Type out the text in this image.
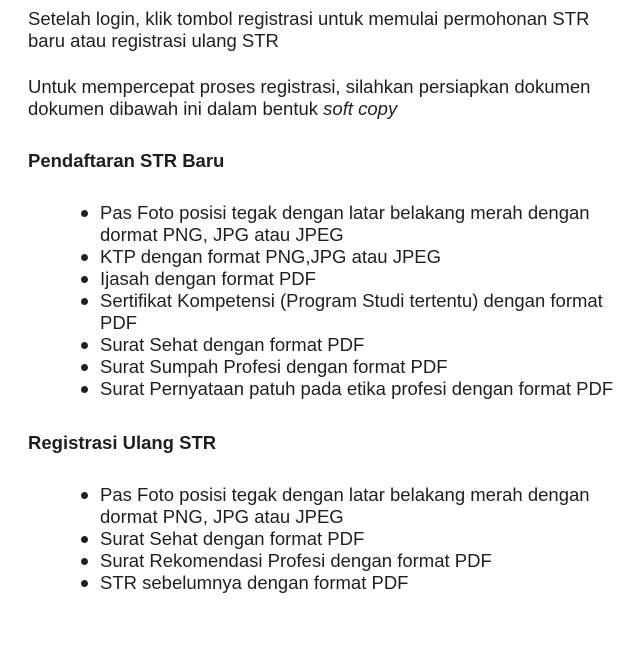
Setelah login, klik tombol registrasi untuk memulai permohonan STR baru atau registrasi ulang STR

Untuk mempercepat proses registrasi, silahkan persiapkan dokumen dokumen dibawah ini dalam bentuk soft copy

Pendaftaran STR Baru
Pas Foto posisi tegak dengan latar belakang merah dengan dormat PNG, JPG atau JPEG
KTP dengan format PNG,JPG atau JPEG
Ijasah dengan format PDF
Sertifikat Kompetensi (Program Studi tertentu) dengan format PDF
Surat Sehat dengan format PDF
Surat Sumpah Profesi dengan format PDF
Surat Pernyataan patuh pada etika profesi dengan format PDF
Registrasi Ulang STR
Pas Foto posisi tegak dengan latar belakang merah dengan dormat PNG, JPG atau JPEG
Surat Sehat dengan format PDF
Surat Rekomendasi Profesi dengan format PDF
STR sebelumnya dengan format PDF
